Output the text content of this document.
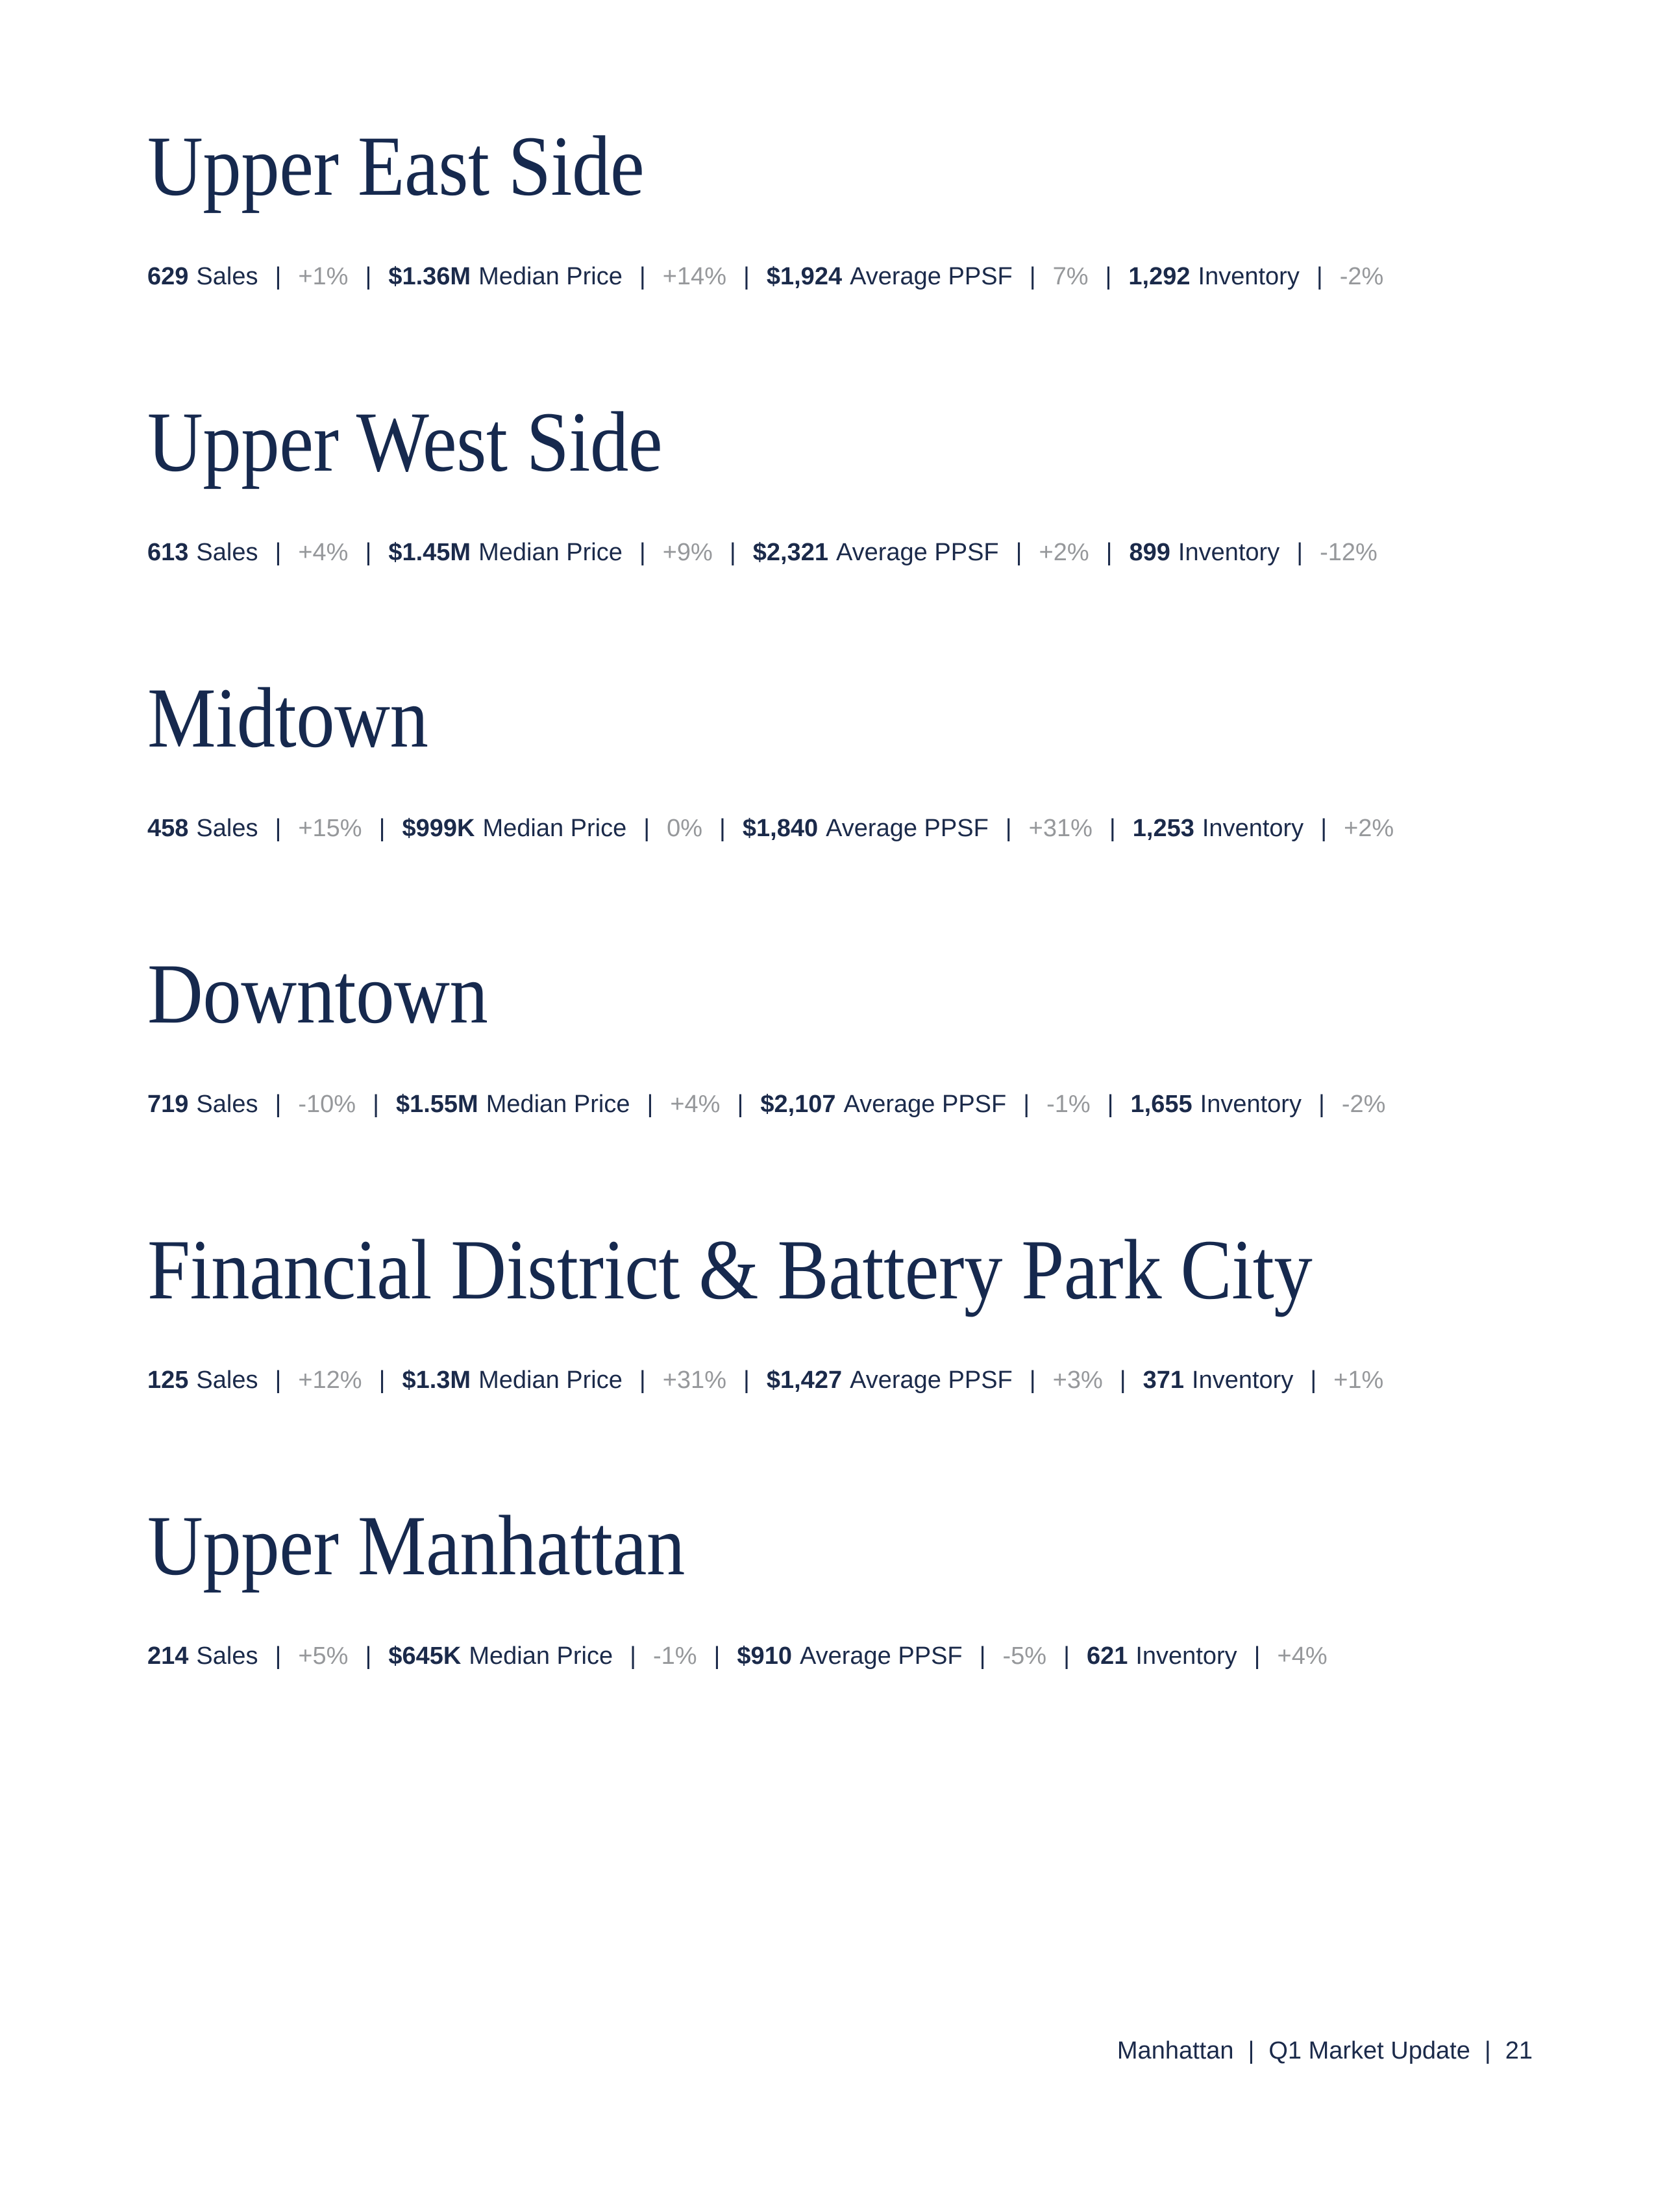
Upper East Side

629 Sales | +1% | $1.36M Median Price | +14% | $1,924 Average PPSF | 7% | 1,292 Inventory | -2%

Upper West Side

613 Sales | +4% | $1.45M Median Price | +9% | $2,321 Average PPSF | +2% | 899 Inventory | -12%

Midtown

458 Sales | +15% | $999K Median Price | 0% | $1,840 Average PPSF | +31% | 1,253 Inventory | +2%

Downtown

719 Sales | -10% | $1.55M Median Price | +4% | $2,107 Average PPSF | -1% | 1,655 Inventory | -2%

Financial District & Battery Park City

125 Sales | +12% | $1.3M Median Price | +31% | $1,427 Average PPSF | +3% | 371 Inventory | +1%

Upper Manhattan

214 Sales | +5% | $645K Median Price | -1% | $910 Average PPSF | -5% | 621 Inventory | +4%

Manhattan | Q1 Market Update | 21
